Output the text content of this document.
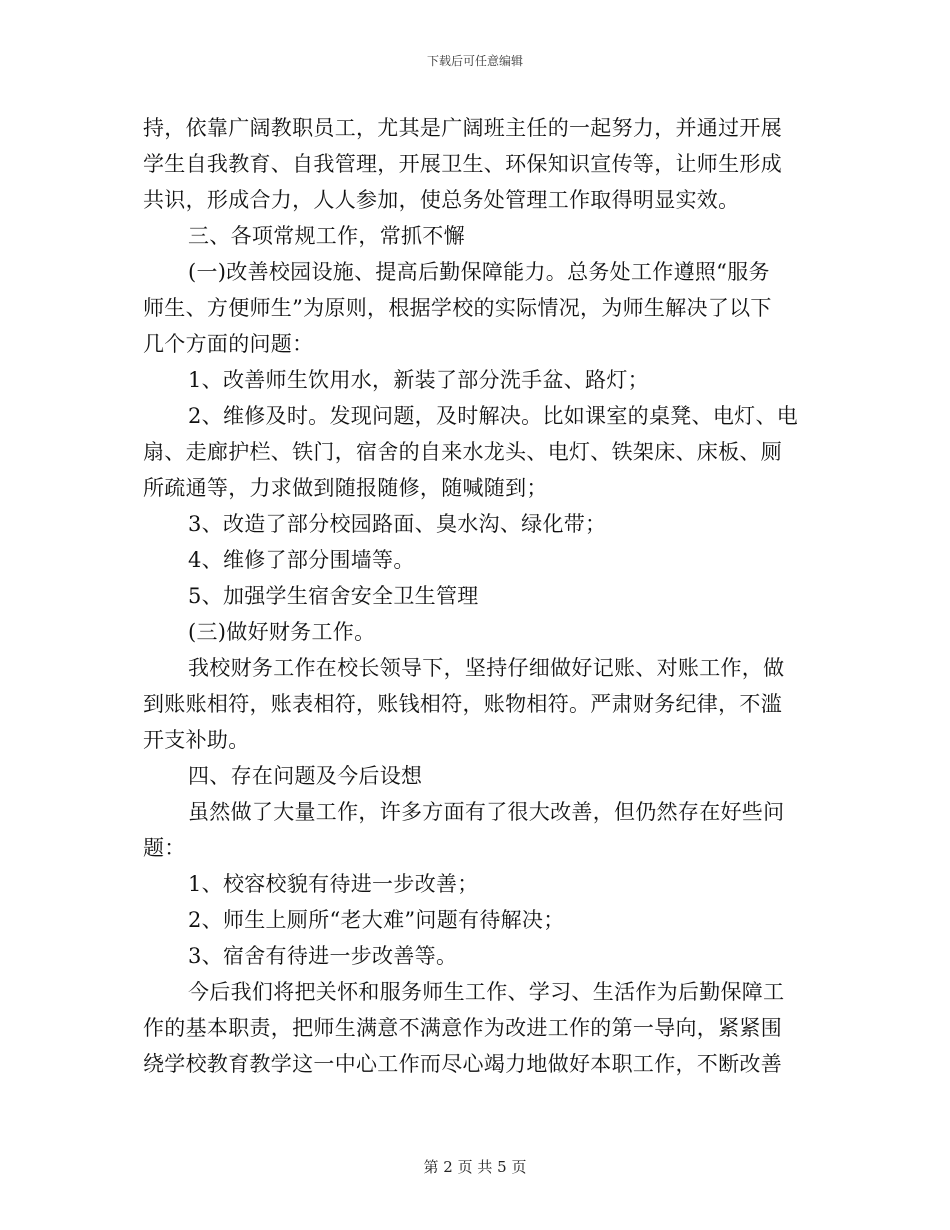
下载后可任意编辑
持，依靠广阔教职员工，尤其是广阔班主任的一起努力，并通过开展
学生自我教育、自我管理，开展卫生、环保知识宣传等，让师生形成
共识，形成合力，人人参加，使总务处管理工作取得明显实效。
三、各项常规工作，常抓不懈
(一)改善校园设施、提高后勤保障能力。总务处工作遵照“服务
师生、方便师生”为原则，根据学校的实际情况，为师生解决了以下
几个方面的问题：
1、改善师生饮用水，新装了部分洗手盆、路灯；
2、维修及时。发现问题，及时解决。比如课室的桌凳、电灯、电
扇、走廊护栏、铁门，宿舍的自来水龙头、电灯、铁架床、床板、厕
所疏通等，力求做到随报随修，随喊随到；
3、改造了部分校园路面、臭水沟、绿化带；
4、维修了部分围墙等。
5、加强学生宿舍安全卫生管理
(三)做好财务工作。
我校财务工作在校长领导下，坚持仔细做好记账、对账工作，做
到账账相符，账表相符，账钱相符，账物相符。严肃财务纪律，不滥
开支补助。
四、存在问题及今后设想
虽然做了大量工作，许多方面有了很大改善，但仍然存在好些问
题：
1、校容校貌有待进一步改善；
2、师生上厕所“老大难”问题有待解决；
3、宿舍有待进一步改善等。
今后我们将把关怀和服务师生工作、学习、生活作为后勤保障工
作的基本职责，把师生满意不满意作为改进工作的第一导向，紧紧围
绕学校教育教学这一中心工作而尽心竭力地做好本职工作，不断改善
第 2 页 共 5 页
